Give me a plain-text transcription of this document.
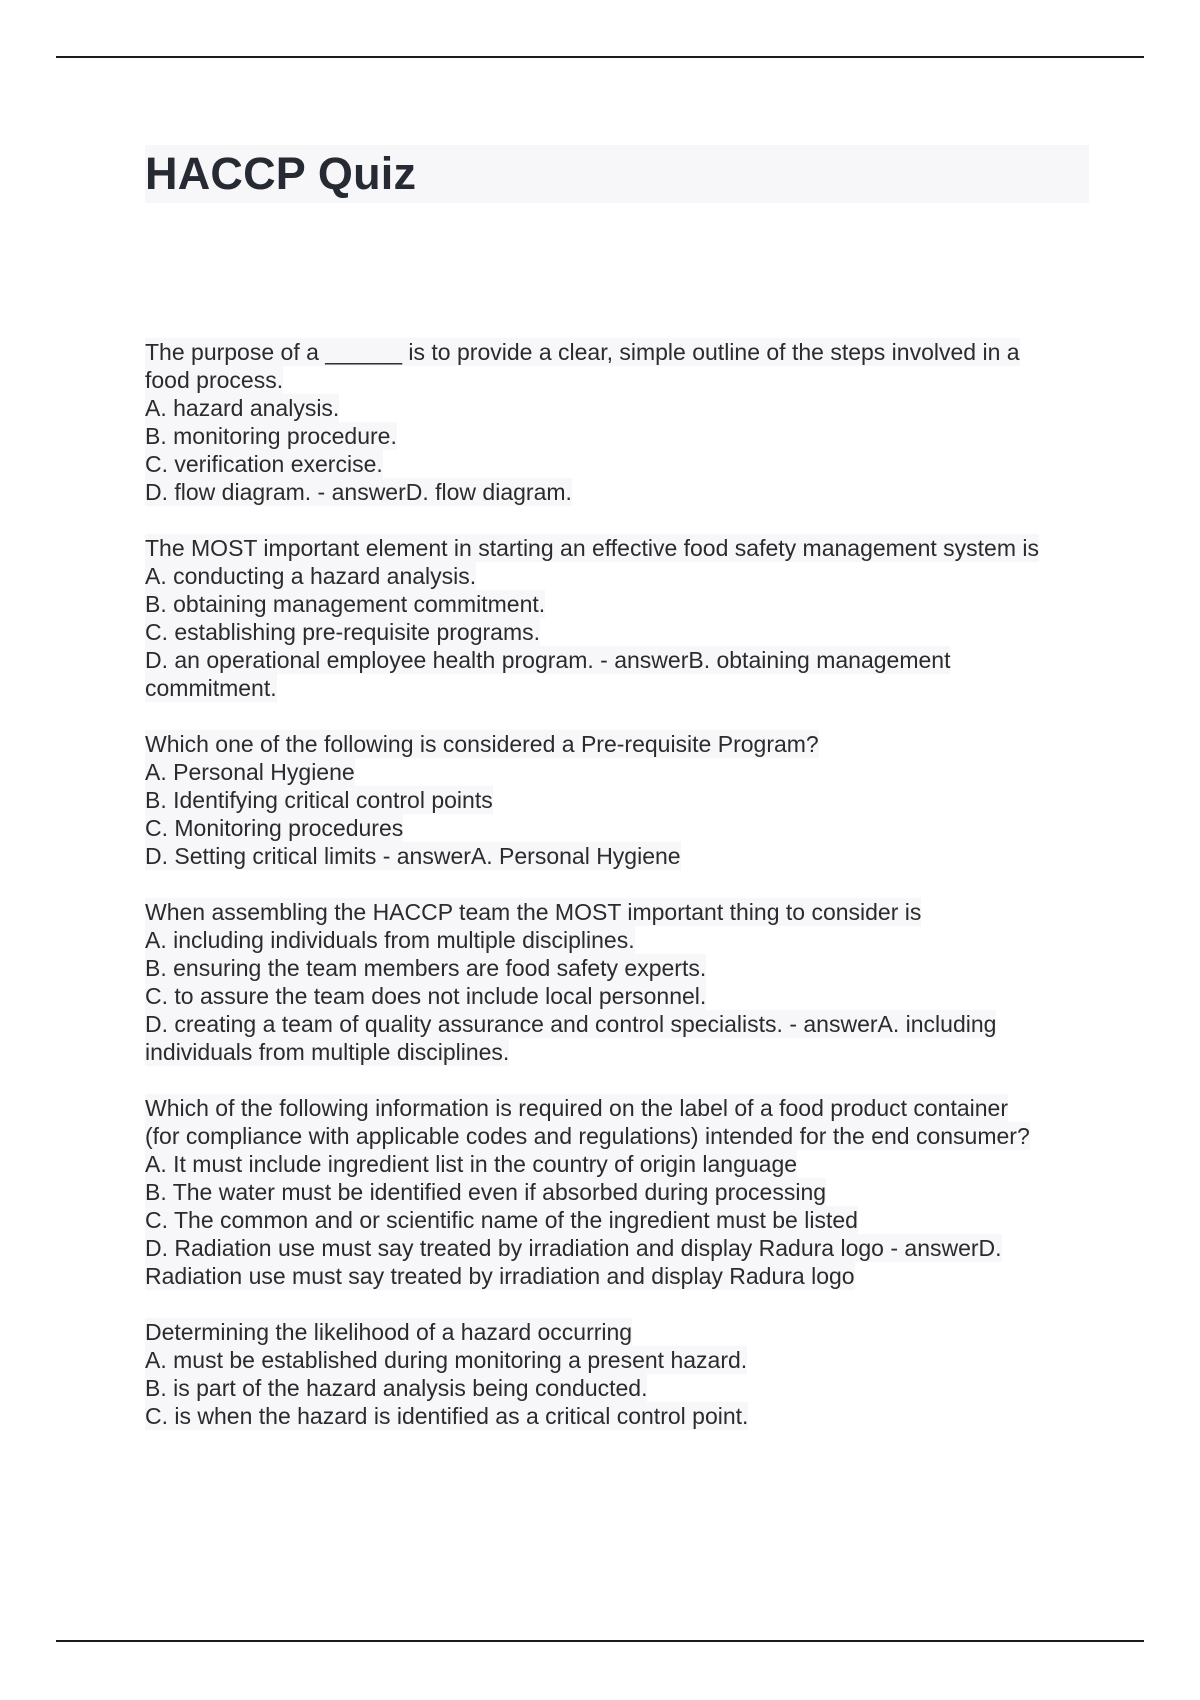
HACCP Quiz
The purpose of a ______ is to provide a clear, simple outline of the steps involved in a
food process.
A. hazard analysis.
B. monitoring procedure.
C. verification exercise.
D. flow diagram. - answerD. flow diagram.
The MOST important element in starting an effective food safety management system is
A. conducting a hazard analysis.
B. obtaining management commitment.
C. establishing pre-requisite programs.
D. an operational employee health program. - answerB. obtaining management
commitment.
Which one of the following is considered a Pre-requisite Program?
A. Personal Hygiene
B. Identifying critical control points
C. Monitoring procedures
D. Setting critical limits - answerA. Personal Hygiene
When assembling the HACCP team the MOST important thing to consider is
A. including individuals from multiple disciplines.
B. ensuring the team members are food safety experts.
C. to assure the team does not include local personnel.
D. creating a team of quality assurance and control specialists. - answerA. including
individuals from multiple disciplines.
Which of the following information is required on the label of a food product container
(for compliance with applicable codes and regulations) intended for the end consumer?
A. It must include ingredient list in the country of origin language
B. The water must be identified even if absorbed during processing
C. The common and or scientific name of the ingredient must be listed
D. Radiation use must say treated by irradiation and display Radura logo - answerD.
Radiation use must say treated by irradiation and display Radura logo
Determining the likelihood of a hazard occurring
A. must be established during monitoring a present hazard.
B. is part of the hazard analysis being conducted.
C. is when the hazard is identified as a critical control point.
